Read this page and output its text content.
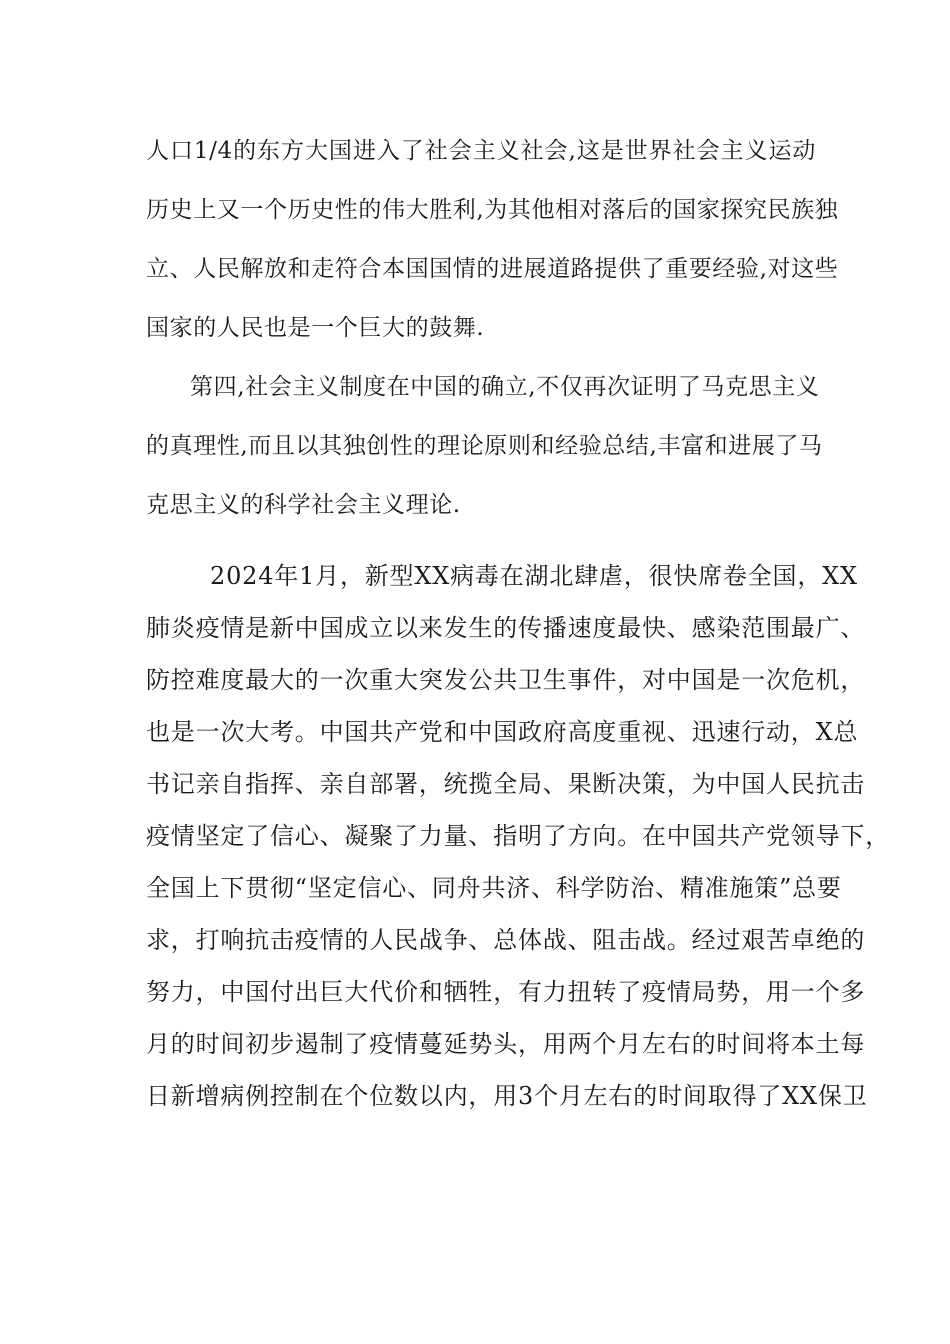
人口1/4的东方大国进入了社会主义社会,这是世界社会主义运动
历史上又一个历史性的伟大胜利,为其他相对落后的国家探究民族独
立、人民解放和走符合本国国情的进展道路提供了重要经验,对这些
国家的人民也是一个巨大的鼓舞.
第四,社会主义制度在中国的确立,不仅再次证明了马克思主义
的真理性,而且以其独创性的理论原则和经验总结,丰富和进展了马
克思主义的科学社会主义理论.
2024年1月，新型XX病毒在湖北肆虐，很快席卷全国，XX
肺炎疫情是新中国成立以来发生的传播速度最快、感染范围最广、
防控难度最大的一次重大突发公共卫生事件，对中国是一次危机，
也是一次大考。中国共产党和中国政府高度重视、迅速行动，X总
书记亲自指挥、亲自部署，统揽全局、果断决策，为中国人民抗击
疫情坚定了信心、凝聚了力量、指明了方向。在中国共产党领导下，
全国上下贯彻“坚定信心、同舟共济、科学防治、精准施策”总要
求，打响抗击疫情的人民战争、总体战、阻击战。经过艰苦卓绝的
努力，中国付出巨大代价和牺牲，有力扭转了疫情局势，用一个多
月的时间初步遏制了疫情蔓延势头，用两个月左右的时间将本土每
日新增病例控制在个位数以内，用3个月左右的时间取得了XX保卫
